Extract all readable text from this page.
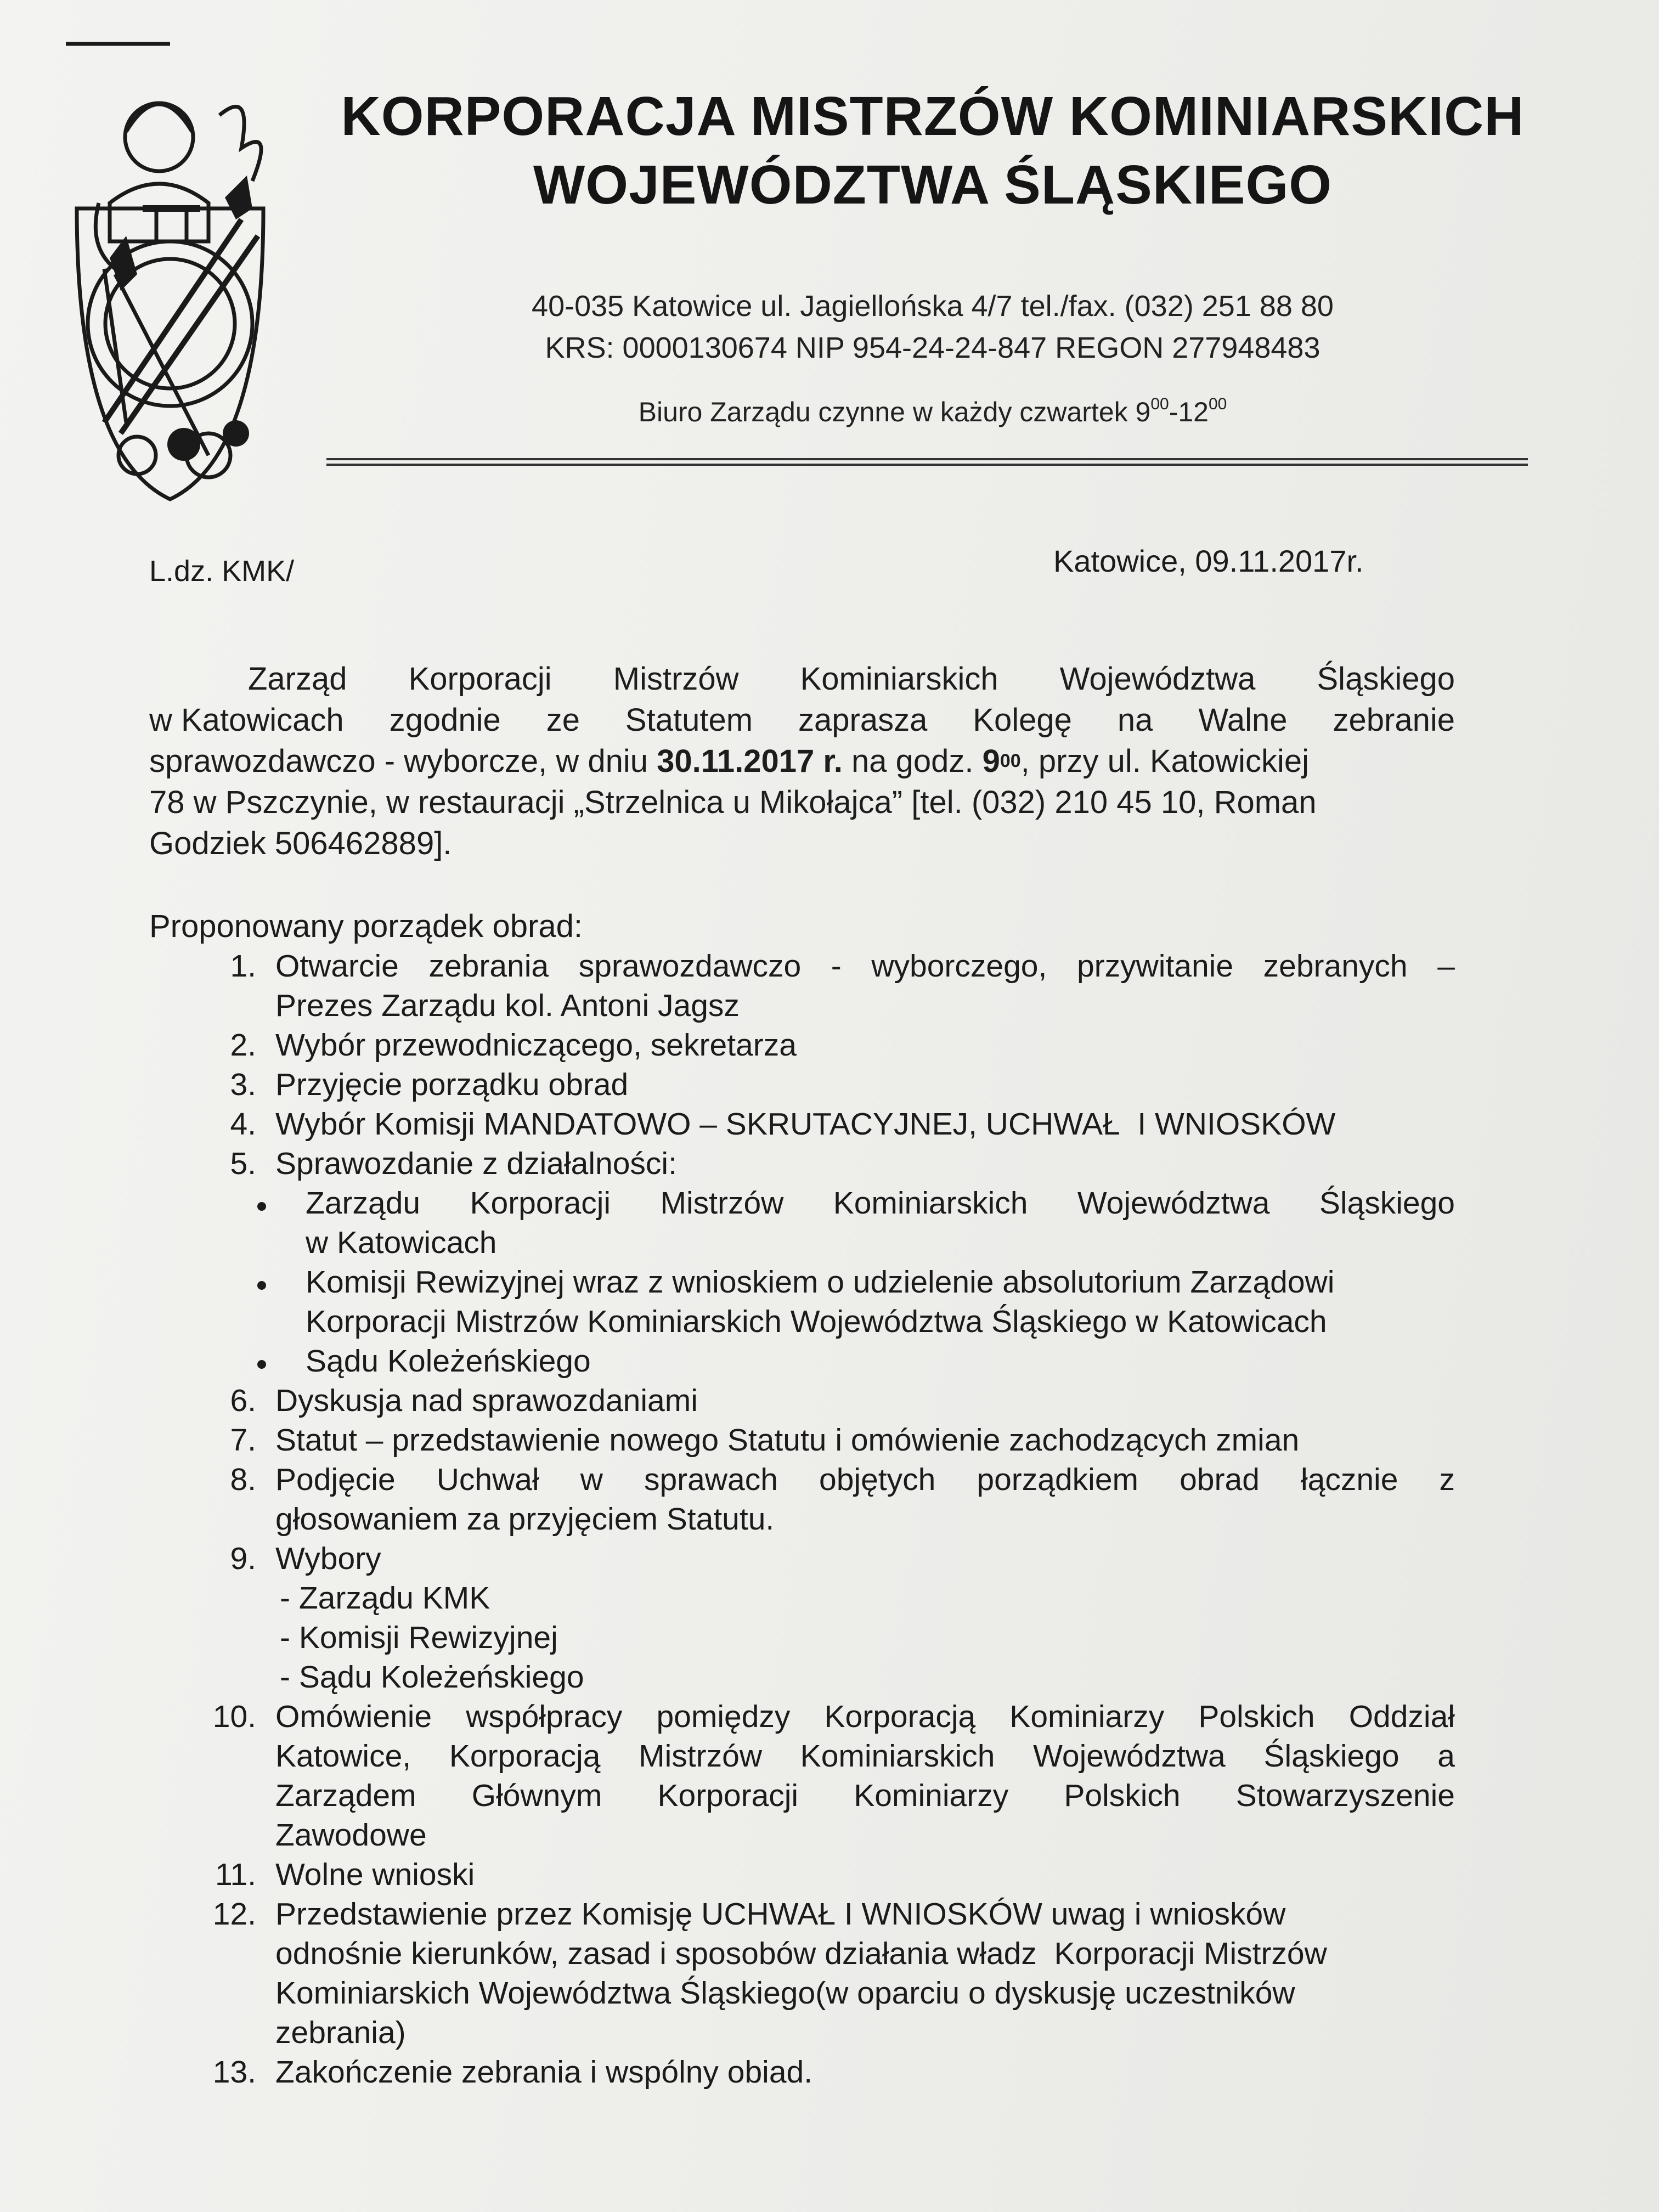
KORPORACJA MISTRZÓW KOMINIARSKICH
WOJEWÓDZTWA ŚLĄSKIEGO
40-035 Katowice ul. Jagiellońska 4/7 tel./fax. (032) 251 88 80
KRS: 0000130674 NIP 954-24-24-847 REGON 277948483
Biuro Zarządu czynne w każdy czwartek $9^{00}-12^{00}$
L.dz. KMK/	Katowice, 09.11.2017r.
Zarząd Korporacji Mistrzów Kominiarskich Województwa Śląskiego
w Katowicach zgodnie ze Statutem zaprasza Kolegę na Walne zebranie
sprawozdawczo - wyborcze, w dniu 30.11.2017 r. na godz. 9 00 , przy ul. Katowickiej
78 w Pszczynie, w restauracji „Strzelnica u Mikołajca” [tel. (032) 210 45 10, Roman
Godziek 506462889].
Proponowany porządek obrad:
1. Otwarcie zebrania sprawozdawczo - wyborczego, przywitanie zebranych –
Prezes Zarządu kol. Antoni Jagsz
2. Wybór przewodniczącego, sekretarza
3. Przyjęcie porządku obrad
4. Wybór Komisji MANDATOWO – SKRUTACYJNEJ, UCHWAŁ  I WNIOSKÓW
5. Sprawozdanie z działalności:
Zarządu Korporacji Mistrzów Kominiarskich Województwa Śląskiego
w Katowicach
Komisji Rewizyjnej wraz z wnioskiem o udzielenie absolutorium Zarządowi
Korporacji Mistrzów Kominiarskich Województwa Śląskiego w Katowicach
Sądu Koleżeńskiego
6. Dyskusja nad sprawozdaniami
7. Statut – przedstawienie nowego Statutu i omówienie zachodzących zmian
8. Podjęcie Uchwał w sprawach objętych porządkiem obrad łącznie z
głosowaniem za przyjęciem Statutu.
9. Wybory
- Zarządu KMK
- Komisji Rewizyjnej
- Sądu Koleżeńskiego
10. Omówienie współpracy pomiędzy Korporacją Kominiarzy Polskich Oddział
Katowice, Korporacją Mistrzów Kominiarskich Województwa Śląskiego a
Zarządem Głównym Korporacji Kominiarzy Polskich Stowarzyszenie
Zawodowe
11. Wolne wnioski
12. Przedstawienie przez Komisję UCHWAŁ I WNIOSKÓW uwag i wniosków
odnośnie kierunków, zasad i sposobów działania władz  Korporacji Mistrzów
Kominiarskich Województwa Śląskiego(w oparciu o dyskusję uczestników
zebrania)
13. Zakończenie zebrania i wspólny obiad.
